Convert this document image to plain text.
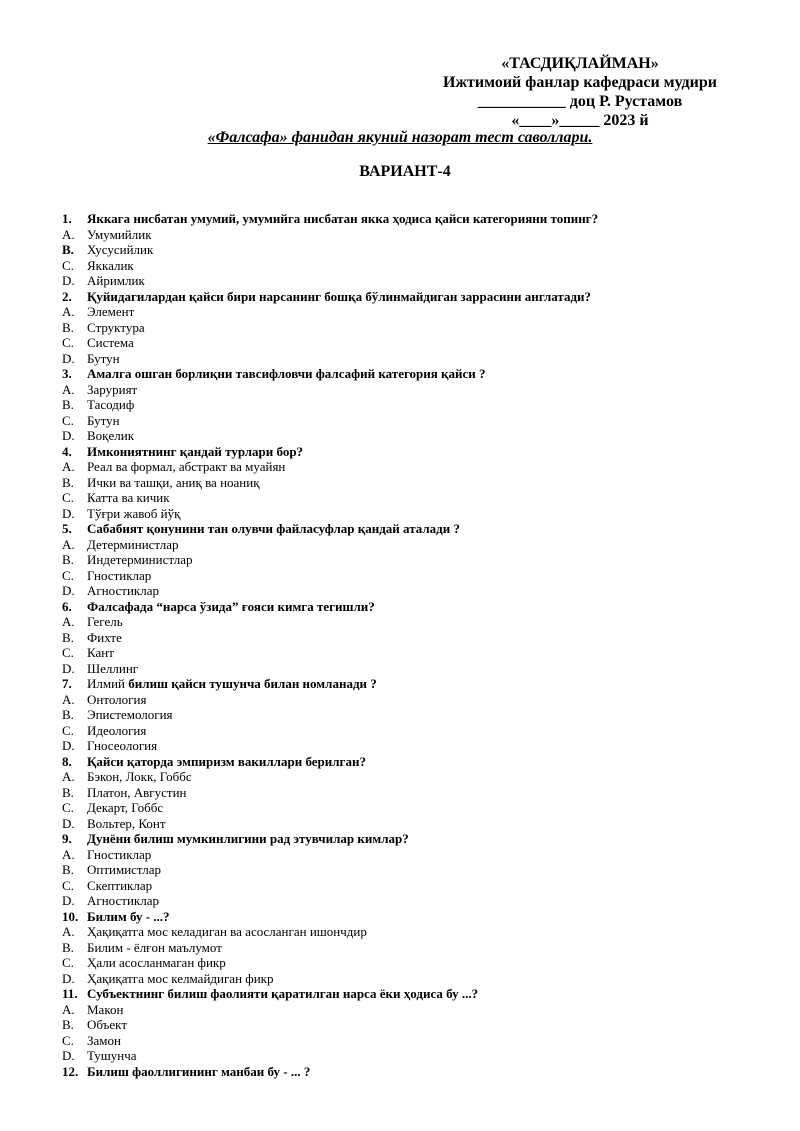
«ТАСДИҚЛАЙМАН»
Ижтимоий фанлар кафедраси мудири
___________ доц Р. Рустамов
«____»_____ 2023 й
«Фалсафа» фанидан якуний назорат тест саволлари.
ВАРИАНТ-4
1.	Яккага нисбатан умумий, умумийга нисбатан якка ҳодиса қайси категорияни топинг?
A. Умумийлик
B. Хусусийлик
C. Яккалик
D. Айримлик
2.	Қуйидагилардан қайси бири нарсанинг бошқа бўлинмайдиган заррасини англатади?
A. Элемент
B. Структура
C. Система
D. Бутун
3.	Амалга ошган борлиқни тавсифловчи фалсафий категория қайси ?
A. Зарурият
B. Тасодиф
C. Бутун
D. Воқелик
4.	Имкониятнинг қандай турлари бор?
A. Реал ва формал, абстракт ва муайян
B. Ички ва ташқи, аниқ ва ноаниқ
C. Катта ва кичик
D. Тўғри жавоб йўқ
5.	Сабабият қонунини тан олувчи файласуфлар қандай аталади ?
A. Детерминистлар
B. Индетерминистлар
C. Гностиклар
D. Агностиклар
6.	Фалсафада “нарса ўзида” ғояси кимга тегишли?
A. Гегель
B. Фихте
C. Кант
D. Шеллинг
7.	Илмий билиш қайси тушунча билан номланади ?
A. Онтология
B. Эпистемология
C. Идеология
D. Гносеология
8.	Қайси қаторда эмпиризм вакиллари берилган?
A. Бэкон, Локк, Гоббс
B. Платон, Августин
C. Декарт, Гоббс
D. Вольтер, Конт
9.	Дунёни билиш мумкинлигини рад этувчилар кимлар?
A. Гностиклар
B. Оптимистлар
C. Скептиклар
D. Агностиклар
10. Билим бу - ...?
A. Ҳақиқатга мос келадиган ва асосланган ишончдир
B. Билим - ёлғон маълумот
C. Ҳали асосланмаган фикр
D. Ҳақиқатга мос келмайдиган фикр
11. Субъектнинг билиш фаолияти қаратилган нарса ёки ҳодиса бу ...?
A. Макон
B. Объект
C. Замон
D. Тушунча
12. Билиш фаоллигининг манбаи бу - ... ?
